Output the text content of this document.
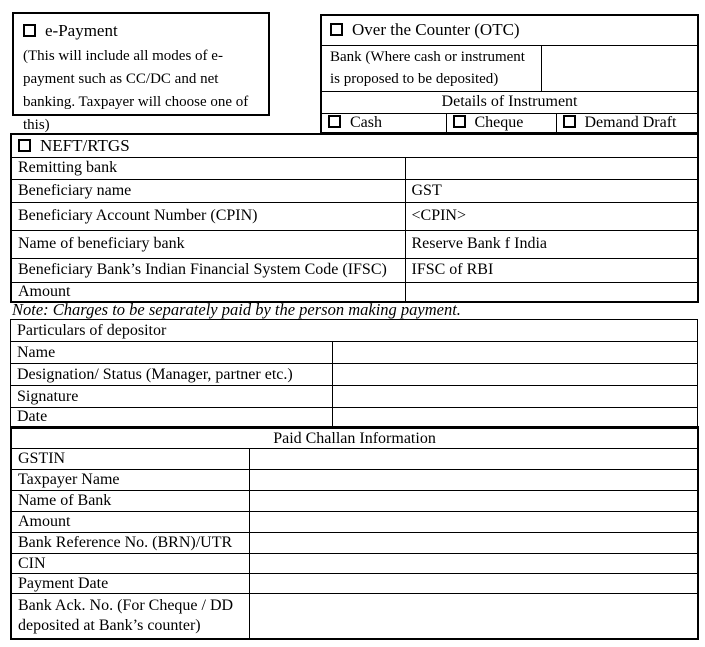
e-Payment
(This will include all modes of e-payment such as CC/DC and net banking. Taxpayer will choose one of this)
Over the Counter (OTC)			
Bank (Where cash or instrument is proposed to be deposited)			
Details of Instrument			
Cash	Cheque		Demand Draft
NEFT/RTGS	
Remitting bank	
Beneficiary name	GST
Beneficiary Account Number (CPIN)	<CPIN>
Name of beneficiary bank	Reserve Bank f India
Beneficiary Bank’s Indian Financial System Code (IFSC)	IFSC of RBI
Amount	
Note: Charges to be separately paid by the person making payment.
Particulars of depositor	
Name	
Designation/ Status (Manager, partner etc.)	
Signature	
Date	
Paid Challan Information	
GSTIN	
Taxpayer Name	
Name of Bank	
Amount	
Bank Reference No. (BRN)/UTR	
CIN	
Payment Date	
Bank Ack. No. (For Cheque / DD deposited at Bank’s counter)	
